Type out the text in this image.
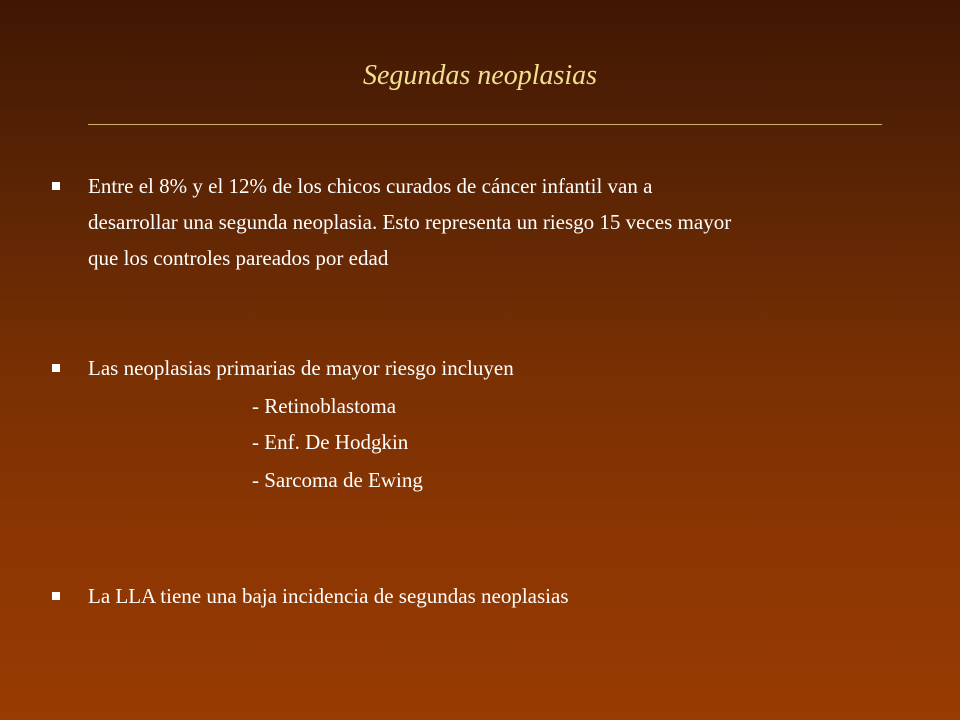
Segundas neoplasias
Entre el 8% y el 12% de los chicos curados de cáncer infantil van a
desarrollar una segunda neoplasia. Esto representa un riesgo 15 veces mayor
que los controles pareados por edad
Las neoplasias primarias de mayor riesgo incluyen
- Retinoblastoma
- Enf. De Hodgkin
- Sarcoma de Ewing
La LLA tiene una baja incidencia de segundas neoplasias
